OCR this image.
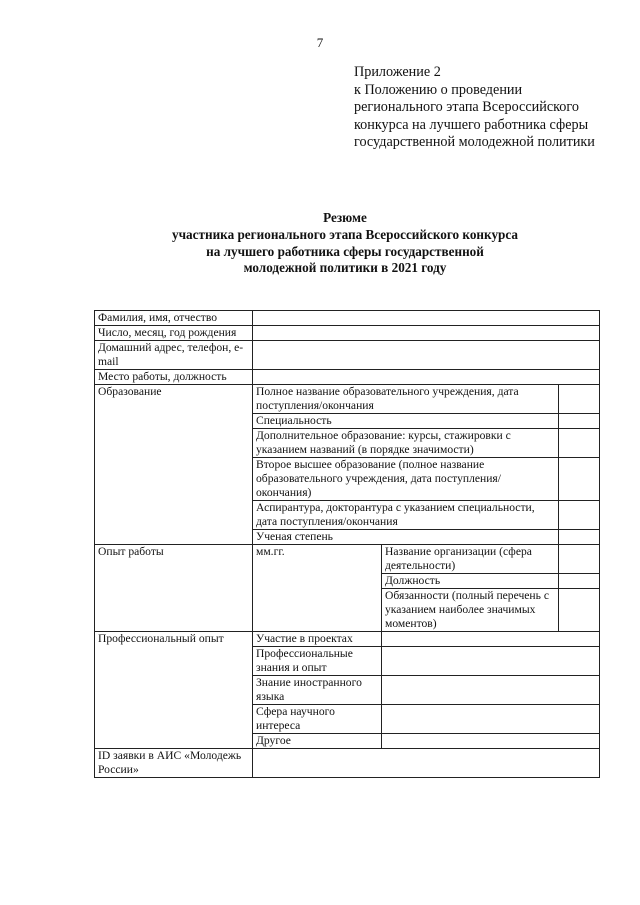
7
Приложение 2
к Положению о проведении
регионального этапа Всероссийского
конкурса на лучшего работника сферы
государственной молодежной политики
Резюме
участника регионального этапа Всероссийского конкурса
на лучшего работника сферы государственной
молодежной политики в 2021 году
Фамилия, имя, отчество			
Число, месяц, год рождения			
Домашний адрес, телефон, e-mail			
Место работы, должность			
Образование	Полное название образовательного учреждения, дата поступления/окончания		
	Специальность		
	Дополнительное образование: курсы, стажировки с указанием названий (в порядке значимости)		
	Второе высшее образование (полное название образовательного учреждения, дата поступления/окончания)		
	Аспирантура, докторантура с указанием специальности, дата поступления/окончания		
	Ученая степень		
Опыт работы	мм.гг.	Название организации (сфера деятельности)	
		Должность	
		Обязанности (полный перечень с указанием наиболее значимых моментов)	
Профессиональный опыт	Участие в проектах		
	Профессиональные знания и опыт		
	Знание иностранного языка		
	Сфера научного интереса		
	Другое		
ID заявки в АИС «Молодежь России»			
